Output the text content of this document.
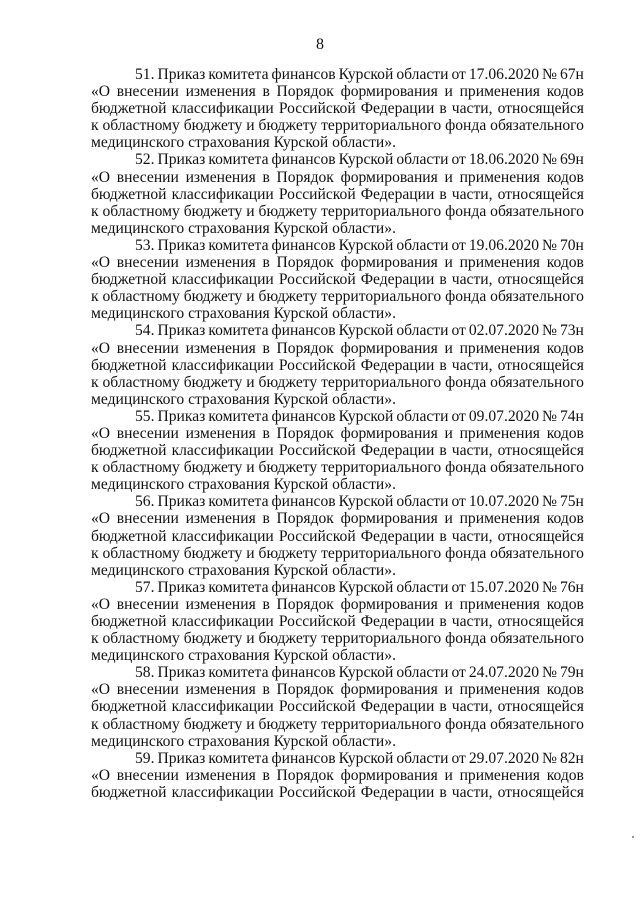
8

51. Приказ комитета финансов Курской области от 17.06.2020 № 67н
«О внесении изменения в Порядок формирования и применения кодов
бюджетной классификации Российской Федерации в части, относящейся
к областному бюджету и бюджету территориального фонда обязательного
медицинского страхования Курской области».

52. Приказ комитета финансов Курской области от 18.06.2020 № 69н
«О внесении изменения в Порядок формирования и применения кодов
бюджетной классификации Российской Федерации в части, относящейся
к областному бюджету и бюджету территориального фонда обязательного
медицинского страхования Курской области».

53. Приказ комитета финансов Курской области от 19.06.2020 № 70н
«О внесении изменения в Порядок формирования и применения кодов
бюджетной классификации Российской Федерации в части, относящейся
к областному бюджету и бюджету территориального фонда обязательного
медицинского страхования Курской области».

54. Приказ комитета финансов Курской области от 02.07.2020 № 73н
«О внесении изменения в Порядок формирования и применения кодов
бюджетной классификации Российской Федерации в части, относящейся
к областному бюджету и бюджету территориального фонда обязательного
медицинского страхования Курской области».

55. Приказ комитета финансов Курской области от 09.07.2020 № 74н
«О внесении изменения в Порядок формирования и применения кодов
бюджетной классификации Российской Федерации в части, относящейся
к областному бюджету и бюджету территориального фонда обязательного
медицинского страхования Курской области».

56. Приказ комитета финансов Курской области от 10.07.2020 № 75н
«О внесении изменения в Порядок формирования и применения кодов
бюджетной классификации Российской Федерации в части, относящейся
к областному бюджету и бюджету территориального фонда обязательного
медицинского страхования Курской области».

57. Приказ комитета финансов Курской области от 15.07.2020 № 76н
«О внесении изменения в Порядок формирования и применения кодов
бюджетной классификации Российской Федерации в части, относящейся
к областному бюджету и бюджету территориального фонда обязательного
медицинского страхования Курской области».

58. Приказ комитета финансов Курской области от 24.07.2020 № 79н
«О внесении изменения в Порядок формирования и применения кодов
бюджетной классификации Российской Федерации в части, относящейся
к областному бюджету и бюджету территориального фонда обязательного
медицинского страхования Курской области».

59. Приказ комитета финансов Курской области от 29.07.2020 № 82н
«О внесении изменения в Порядок формирования и применения кодов
бюджетной классификации Российской Федерации в части, относящейся
